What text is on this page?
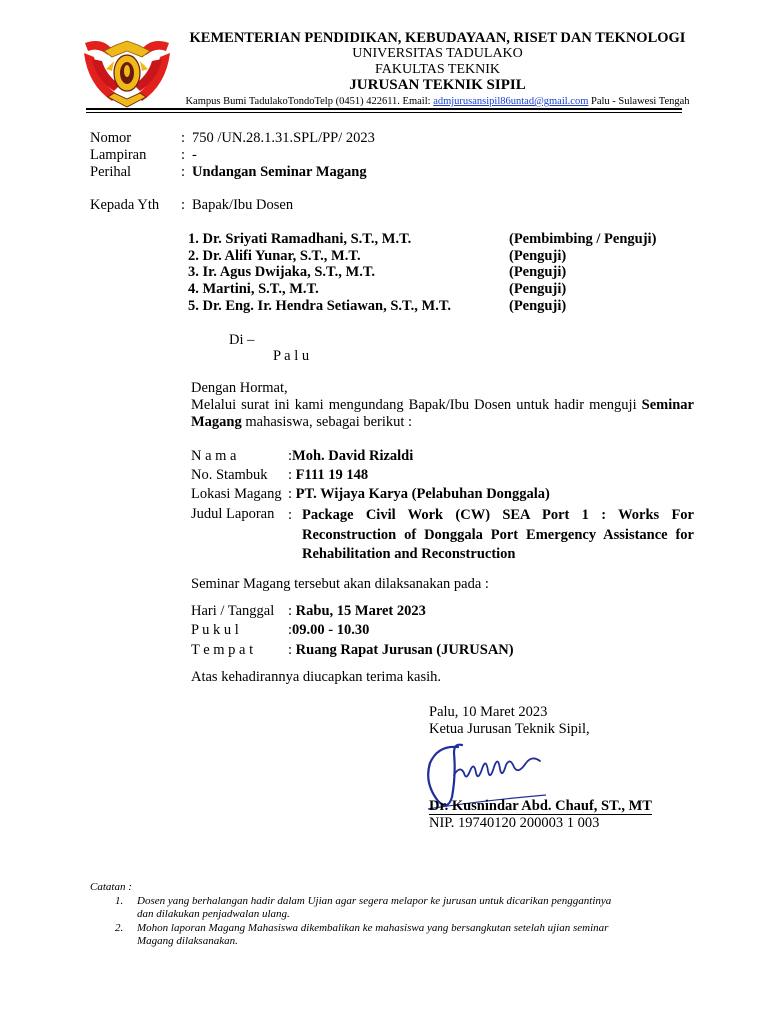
KEMENTERIAN PENDIDIKAN, KEBUDAYAAN, RISET DAN TEKNOLOGI
UNIVERSITAS TADULAKO
FAKULTAS TEKNIK
JURUSAN TEKNIK SIPIL
Kampus Bumi TadulakoTondoTelp (0451) 422611. Email: admjurusansipil86untad@gmail.com Palu - Sulawesi Tengah
Nomor	: 750 /UN.28.1.31.SPL/PP/ 2023
Lampiran : -
Perihal	: Undangan Seminar Magang
Kepada Yth : Bapak/Ibu Dosen
1. Dr. Sriyati Ramadhani, S.T., M.T.	(Pembimbing / Penguji)
2. Dr. Alifi Yunar, S.T., M.T.	(Penguji)
3. Ir. Agus Dwijaka, S.T., M.T.	(Penguji)
4. Martini, S.T., M.T.	(Penguji)
5. Dr. Eng. Ir. Hendra Setiawan, S.T., M.T.	(Penguji)
Di –
P a l u
Dengan Hormat,
Melalui surat ini kami mengundang Bapak/Ibu Dosen untuk hadir menguji Seminar Magang mahasiswa, sebagai berikut :
N a m a	:Moh. David Rizaldi
No. Stambuk : F111 19 148
Lokasi Magang : PT. Wijaya Karya (Pelabuhan Donggala)
Judul Laporan : Package Civil Work (CW) SEA Port 1 : Works For Reconstruction of Donggala Port Emergency Assistance for Rehabilitation and Reconstruction
Seminar Magang tersebut akan dilaksanakan pada :
Hari / Tanggal : Rabu, 15 Maret 2023
P u k u l	:09.00 - 10.30
T e m p a t : Ruang Rapat Jurusan (JURUSAN)
Atas kehadirannya diucapkan terima kasih.
Palu, 10 Maret 2023
Ketua Jurusan Teknik Sipil,
Dr. Kusnindar Abd. Chauf, ST., MT
NIP. 19740120 200003 1 003
Catatan :
1. Dosen yang berhalangan hadir dalam Ujian agar segera melapor ke jurusan untuk dicarikan penggantinya
dan dilakukan penjadwalan ulang.
2. Mohon laporan Magang Mahasiswa dikembalikan ke mahasiswa yang bersangkutan setelah ujian seminar
Magang dilaksanakan.
